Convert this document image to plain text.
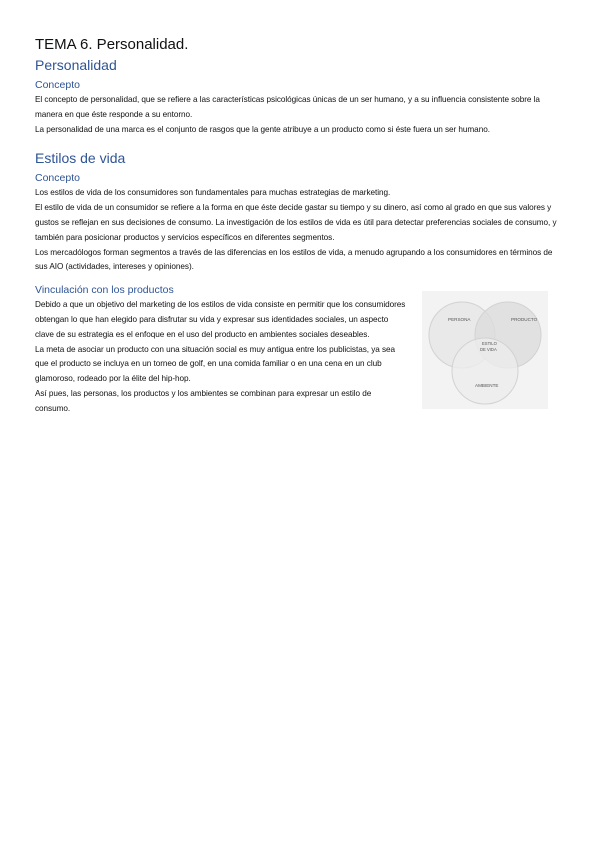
TEMA 6. Personalidad.
Personalidad
Concepto

El concepto de personalidad, que se refiere a las características psicológicas únicas de un ser humano, y a su influencia consistente sobre la manera en que éste responde a su entorno.

La personalidad de una marca es el conjunto de rasgos que la gente atribuye a un producto como si éste fuera un ser humano.

Estilos de vida
Concepto

Los estilos de vida de los consumidores son fundamentales para muchas estrategias de marketing.

El estilo de vida de un consumidor se refiere a la forma en que éste decide gastar su tiempo y su dinero, así como al grado en que sus valores y gustos se reflejan en sus decisiones de consumo. La investigación de los estilos de vida es útil para detectar preferencias sociales de consumo, y también para posicionar productos y servicios específicos en diferentes segmentos.

Los mercadólogos forman segmentos a través de las diferencias en los estilos de vida, a menudo agrupando a los consumidores en términos de sus AIO (actividades, intereses y opiniones).

Vinculación con los productos

Debido a que un objetivo del marketing de los estilos de vida consiste en permitir que los consumidores obtengan lo que han elegido para disfrutar su vida y expresar sus identidades sociales, un aspecto clave de su estrategia es el enfoque en el uso del producto en ambientes sociales deseables.

La meta de asociar un producto con una situación social es muy antigua entre los publicistas, ya sea que el producto se incluya en un torneo de golf, en una comida familiar o en una cena en un club glamoroso, rodeado por la élite del hip-hop.

Así pues, las personas, los productos y los ambientes se combinan para expresar un estilo de consumo.

PERSONA	PRODUCTO
AMBIENTE
ESTILO
DE VIDA
